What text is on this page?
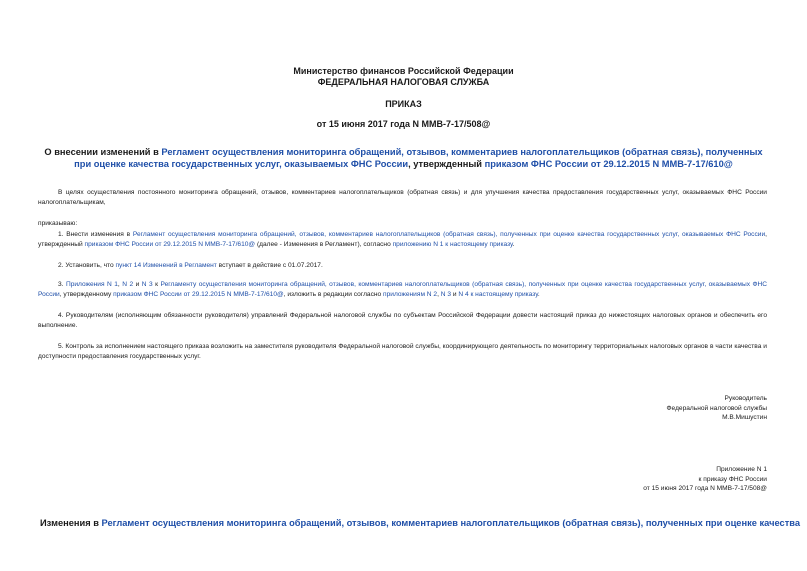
Министерство финансов Российской Федерации
ФЕДЕРАЛЬНАЯ НАЛОГОВАЯ СЛУЖБА
ПРИКАЗ
от 15 июня 2017 года N ММВ-7-17/508@
О внесении изменений в Регламент осуществления мониторинга обращений, отзывов, комментариев налогоплательщиков (обратная связь), полученных при оценке качества государственных услуг, оказываемых ФНС России, утвержденный приказом ФНС России от 29.12.2015 N ММВ-7-17/610@
В целях осуществления постоянного мониторинга обращений, отзывов, комментариев налогоплательщиков (обратная связь) и для улучшения качества предоставления государственных услуг, оказываемых ФНС России налогоплательщикам,
приказываю:
1. Внести изменения в Регламент осуществления мониторинга обращений, отзывов, комментариев налогоплательщиков (обратная связь), полученных при оценке качества государственных услуг, оказываемых ФНС России, утвержденный приказом ФНС России от 29.12.2015 N ММВ-7-17/610@ (далее - Изменения в Регламент), согласно приложению N 1 к настоящему приказу.
2. Установить, что пункт 14 Изменений в Регламент вступает в действие с 01.07.2017.
3. Приложения N 1, N 2 и N 3 к Регламенту осуществления мониторинга обращений, отзывов, комментариев налогоплательщиков (обратная связь), полученных при оценке качества государственных услуг, оказываемых ФНС России, утвержденному приказом ФНС России от 29.12.2015 N ММВ-7-17/610@, изложить в редакции согласно приложениям N 2, N 3 и N 4 к настоящему приказу.
4. Руководителям (исполняющим обязанности руководителя) управлений Федеральной налоговой службы по субъектам Российской Федерации довести настоящий приказ до нижестоящих налоговых органов и обеспечить его выполнение.
5. Контроль за исполнением настоящего приказа возложить на заместителя руководителя Федеральной налоговой службы, координирующего деятельность по мониторингу территориальных налоговых органов в части качества и доступности предоставления государственных услуг.
Руководитель
Федеральной налоговой службы
М.В.Мишустин
Приложение N 1
к приказу ФНС России
от 15 июня 2017 года N ММВ-7-17/508@
Изменения в Регламент осуществления мониторинга обращений, отзывов, комментариев налогоплательщиков (обратная связь), полученных при оценке качества
